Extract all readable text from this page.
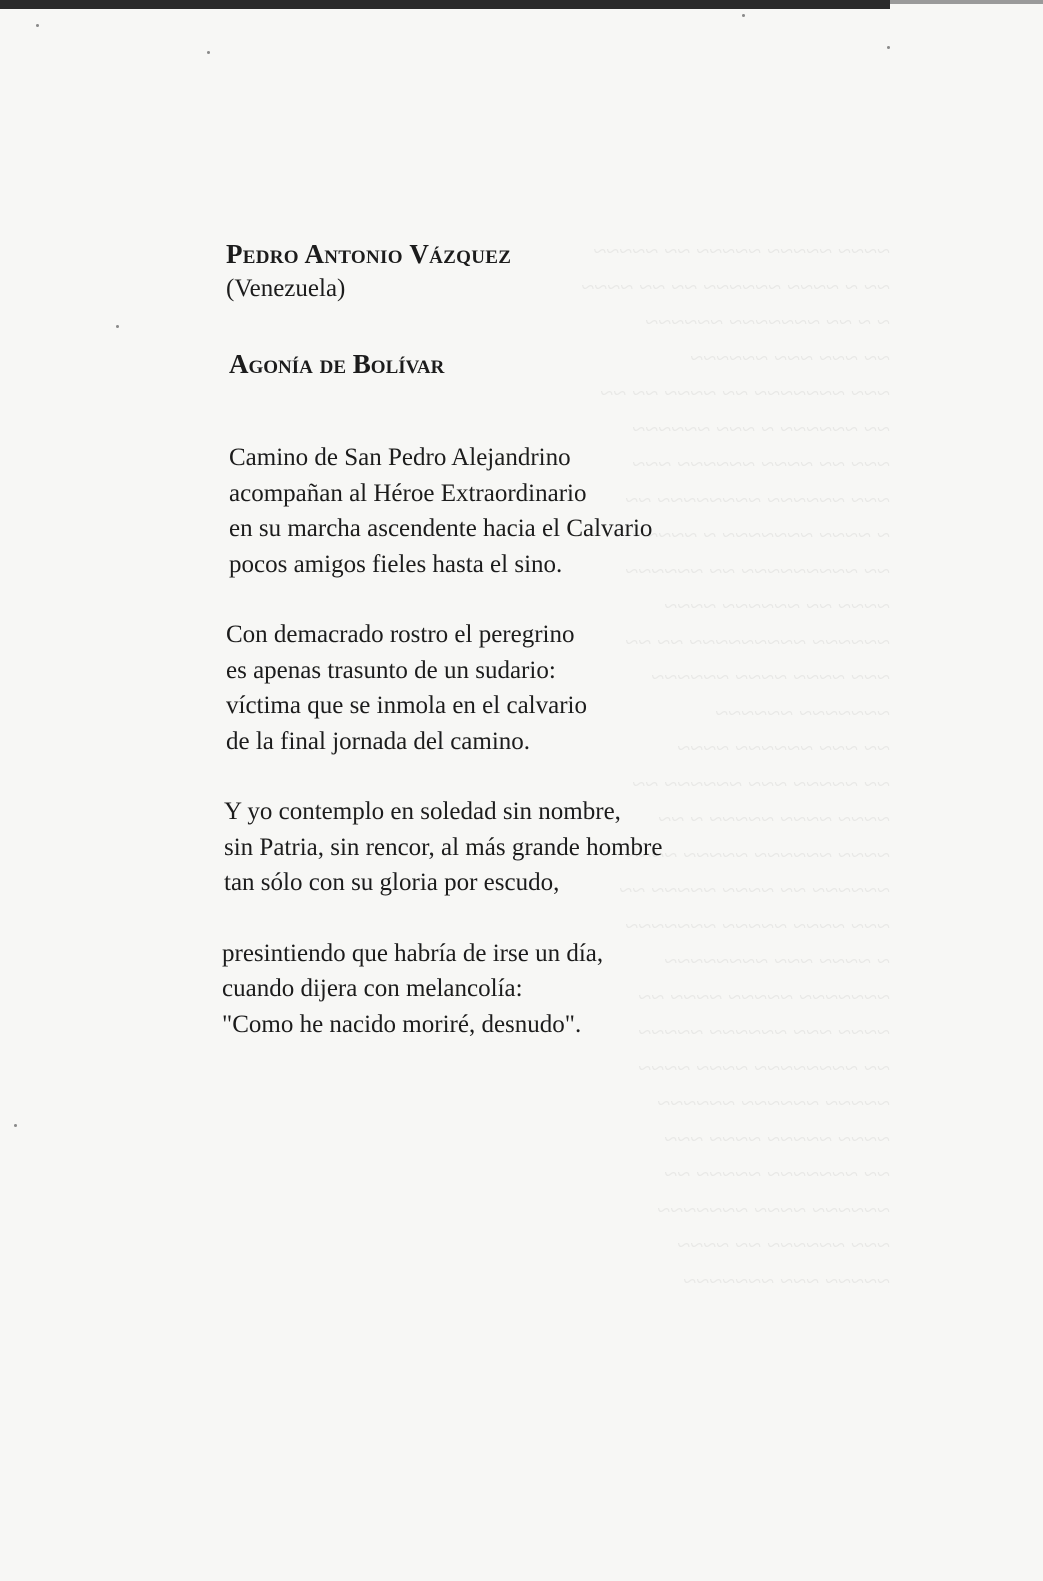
~~~~ ~~~~~ ~~~~~ ~~ ~~~~~
~~ ~ ~~~~ ~~~~~~ ~~ ~~ ~~~~
~ ~ ~~ ~~~~~~~ ~~~~~~
~~ ~~~ ~~~ ~~~~~~
~~~ ~~~~~~~ ~~ ~~~~ ~~ ~~
~~ ~~~~~~ ~ ~~~ ~~~~~~
~~~ ~~ ~~~~ ~~~~~~ ~~~
~~~ ~~~~~~ ~~~~~~~~ ~~
~ ~~~~ ~~~~~~~ ~ ~~~~~
~~ ~~~~~~~~~ ~~ ~~~~~~
~~~~ ~~ ~~~~~~ ~~~~
~~~~~~ ~~~~~~~~~ ~~ ~~
~~~ ~~~~ ~~~~ ~~~~~~
~~~~~~~ ~~~~~~
~~ ~~~ ~~~~~~ ~~~~
~~ ~~~~~ ~~~ ~~~~~~ ~~
~~~~ ~~~~ ~~~~~ ~ ~~
~~~~ ~~~~~~ ~~~~~ ~~~~
~~~~~~ ~~ ~~~~ ~~~~~ ~~
~~~ ~~~~ ~~~~~ ~~~~~~~
~ ~~~~ ~~~ ~~~~~~~~
~~~~~~~ ~~~~~ ~~~~ ~~
~~~~ ~~~ ~~~~~~ ~~~~~
~~ ~~~~~~~~ ~~~~ ~~~~
~~~~~ ~~~~~~ ~~~~~~
~~~~ ~~~~~ ~~~~ ~~~
~~ ~~~~~~~ ~~~~~ ~~
~~~~~~ ~~~~ ~~~~~~~
~~~ ~~~~~~ ~~ ~~~~
~~~~~ ~~~ ~~~~~~~

Pedro Antonio Vázquez

(Venezuela)

Agonía de Bolívar
Camino de San Pedro Alejandrino
acompañan al Héroe Extraordinario
en su marcha ascendente hacia el Calvario
pocos amigos fieles hasta el sino.
Con demacrado rostro el peregrino
es apenas trasunto de un sudario:
víctima que se inmola en el calvario
de la final jornada del camino.
Y yo contemplo en soledad sin nombre,
sin Patria, sin rencor, al más grande hombre
tan sólo con su gloria por escudo,
presintiendo que habría de irse un día,
cuando dijera con melancolía:
"Como he nacido moriré, desnudo".
